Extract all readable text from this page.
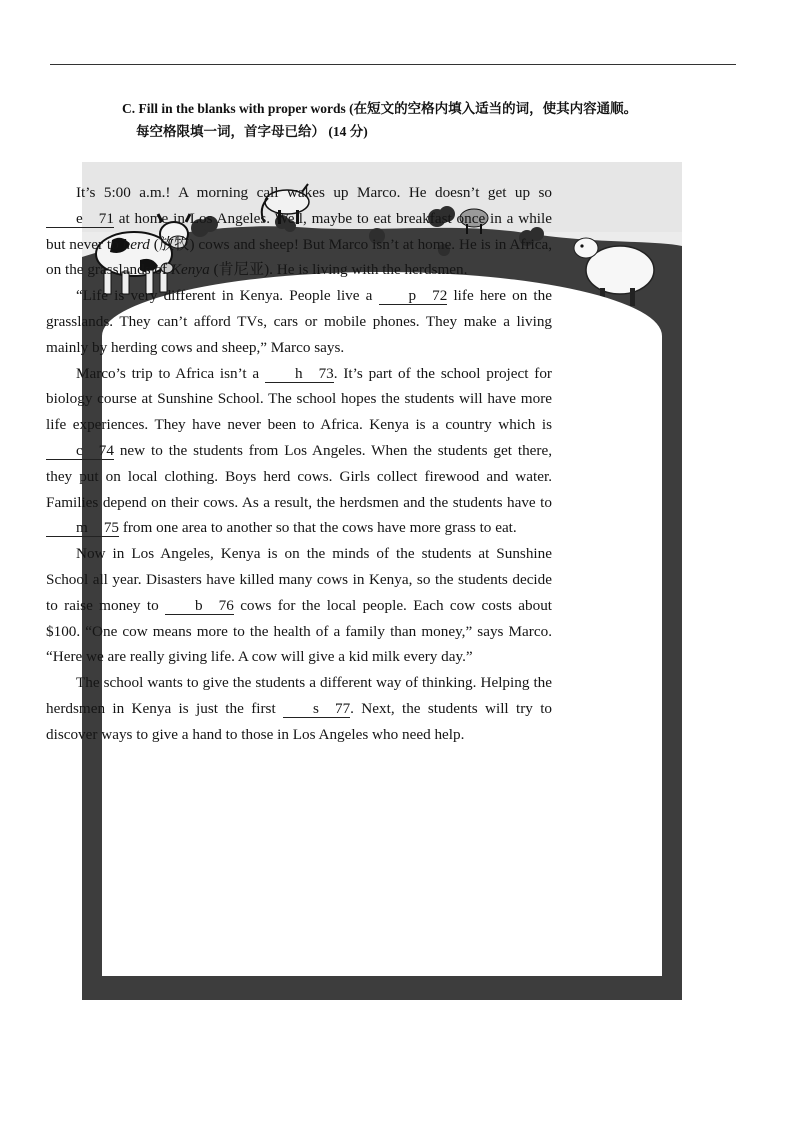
C. Fill in the blanks with proper words (在短文的空格内填入适当的词，使其内容通顺。
每空格限填一词，首字母已给） (14 分)

It’s 5:00 a.m.! A morning call wakes up Marco. He doesn’t get up so e 71 at home in Los Angeles. Well, maybe to eat breakfast once in a while but never to herd (放牧) cows and sheep! But Marco isn’t at home. He is in Africa, on the grasslands of Kenya (肯尼亚). He is living with the herdsmen.

“Life is very different in Kenya. People live a p 72 life here on the grasslands. They can’t afford TVs, cars or mobile phones. They make a living mainly by herding cows and sheep,” Marco says.

Marco’s trip to Africa isn’t a h 73. It’s part of the school project for biology course at Sunshine School. The school hopes the students will have more life experiences. They have never been to Africa. Kenya is a country which is c 74 new to the students from Los Angeles. When the students get there, they put on local clothing. Boys herd cows. Girls collect firewood and water. Families depend on their cows. As a result, the herdsmen and the students have to m 75 from one area to another so that the cows have more grass to eat.

Now in Los Angeles, Kenya is on the minds of the students at Sunshine School all year. Disasters have killed many cows in Kenya, so the students decide to raise money to b 76 cows for the local people. Each cow costs about $100. “One cow means more to the health of a family than money,” says Marco. “Here we are really giving life. A cow will give a kid milk every day.”

The school wants to give the students a different way of thinking. Helping the herdsmen in Kenya is just the first s 77. Next, the students will try to discover ways to give a hand to those in Los Angeles who need help.
